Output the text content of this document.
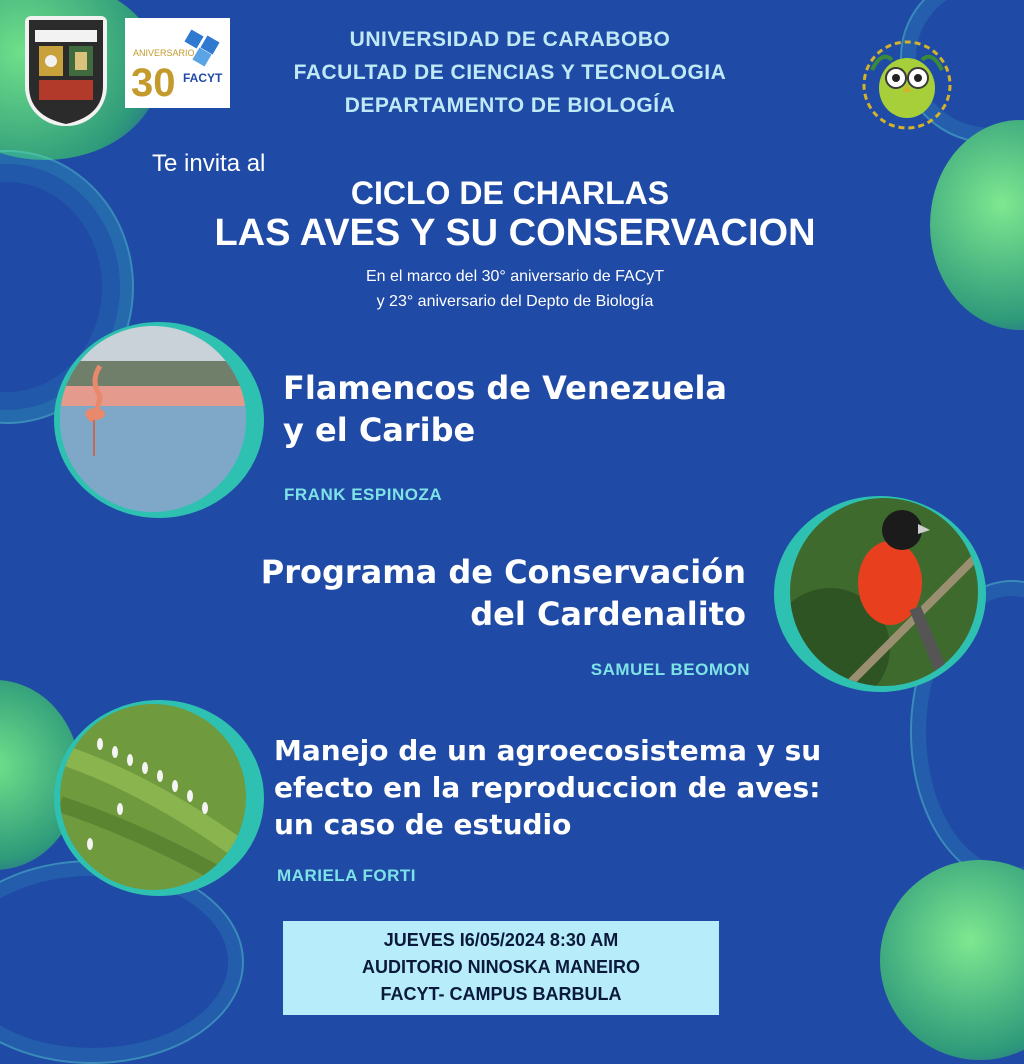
ANIVERSARIO
30 FACYT
UNIVERSIDAD DE CARABOBO
FACULTAD DE CIENCIAS Y TECNOLOGIA
DEPARTAMENTO DE BIOLOGÍA
Te invita al
CICLO DE CHARLAS
LAS AVES Y SU CONSERVACION
En el marco del 30° aniversario de FACyT
y 23° aniversario del Depto de Biología
Flamencos de Venezuela
y el Caribe
FRANK ESPINOZA
Programa de Conservación
del Cardenalito
SAMUEL BEOMON
Manejo de un agroecosistema y su
efecto en la reproduccion de aves:
un caso de estudio
MARIELA FORTI
JUEVES I6/05/2024 8:30 AM
AUDITORIO NINOSKA MANEIRO
FACYT- CAMPUS BARBULA
